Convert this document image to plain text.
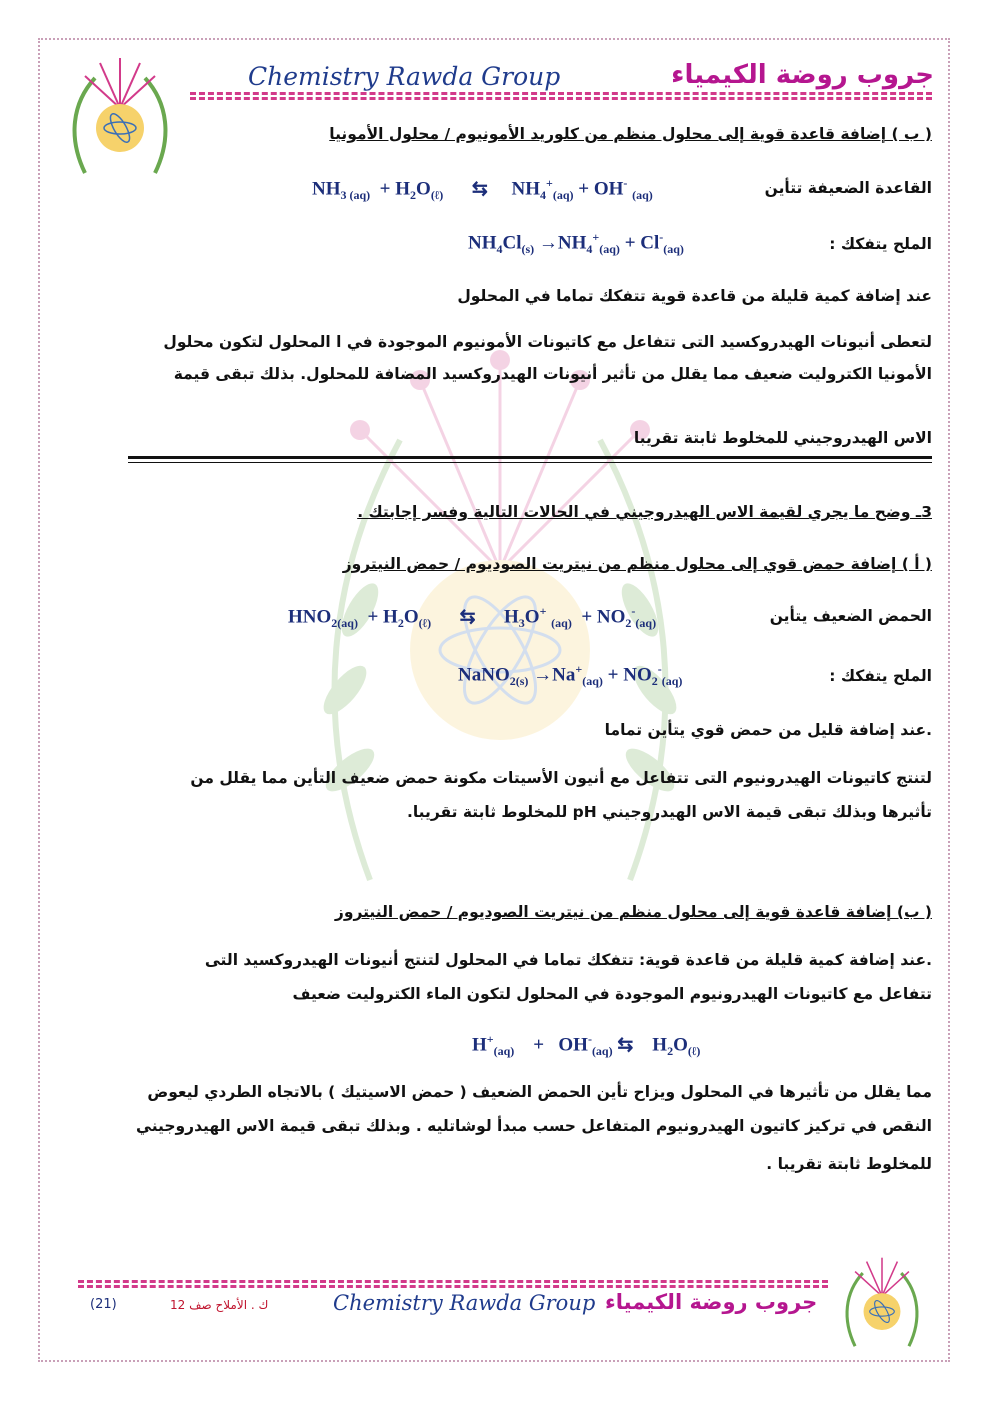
Chemistry Rawda Group	جروب روضة الكيمياء
( ب ) إضافة قاعدة قوية إلى محلول منظم من كلوريد الأمونيوم / محلول الأمونيا
القاعدة الضعيفة تتأين
$NH_{3 (aq)} + H_2O_{(\ell)}$      ⇆     $NH_4^+_{(aq)} + OH^-$ $_{(aq)}$
الملح يتفكك :
$NH_4Cl_{(s)} \to NH_4^+_{(aq)} + Cl^-_{(aq)}$
عند إضافة كمية قليلة من قاعدة قوية تتفكك تماما في المحلول
لتعطى أنيونات الهيدروكسيد التى تتفاعل مع كاتيونات الأمونيوم الموجودة في ا المحلول لتكون محلول
الأمونيا الكتروليت ضعيف مما يقلل من تأثير أنيونات الهيدروكسيد المضافة للمحلول. بذلك تبقى قيمة
الاس الهيدروجيني للمخلوط ثابتة تقريبا
3ـ وضح ما يجري لقيمة الاس الهيدروجيني في الحالات التالية وفسر إجابتك .
( أ ) إضافة حمض قوي إلى محلول منظم من نيتريت الصوديوم / حمض النيتروز
الحمض الضعيف يتأين
$HNO_{2(aq)} + H_2O_{(\ell)}$      ⇆      $H_3O^+$ $_{(aq)} + NO_2^-_{(aq)}$
الملح يتفكك :
NaNO$_{2(s)}$ $\to Na^+_{(aq)} + NO_2^-_{(aq)}$
.عند إضافة قليل من حمض قوي يتأين تماما
لتنتج كاتيونات الهيدرونيوم التى تتفاعل مع أنيون الأسيتات مكونة حمض ضعيف التأين مما يقلل من
تأثيرها وبذلك تبقى قيمة الاس الهيدروجيني pH للمخلوط ثابتة تقريبا.
( ب) إضافة قاعدة قوية إلى محلول منظم من نيتريت الصوديوم / حمض النيتروز
.عند إضافة كمية قليلة من قاعدة قوية: تتفكك تماما في المحلول لتنتج أنيونات الهيدروكسيد التى
تتفاعل مع كاتيونات الهيدرونيوم الموجودة في المحلول لتكون الماء الكتروليت ضعيف
$H^+_{(aq)}$    +   $OH^-_{(aq)}$ ⇆    $H_2O_{(\ell)}$
مما يقلل من تأثيرها في المحلول ويزاح تأين الحمض الضعيف ( حمض الاسيتيك ) بالاتجاه الطردي ليعوض
النقص في تركيز كاتيون الهيدرونيوم المتفاعل حسب مبدأ لوشاتليه . وبذلك تبقى قيمة الاس الهيدروجيني
للمخلوط ثابتة تقريبا .
Chemistry Rawda Group جروب روضة الكيمياء
ك . الأملاح صف 12
(21)
